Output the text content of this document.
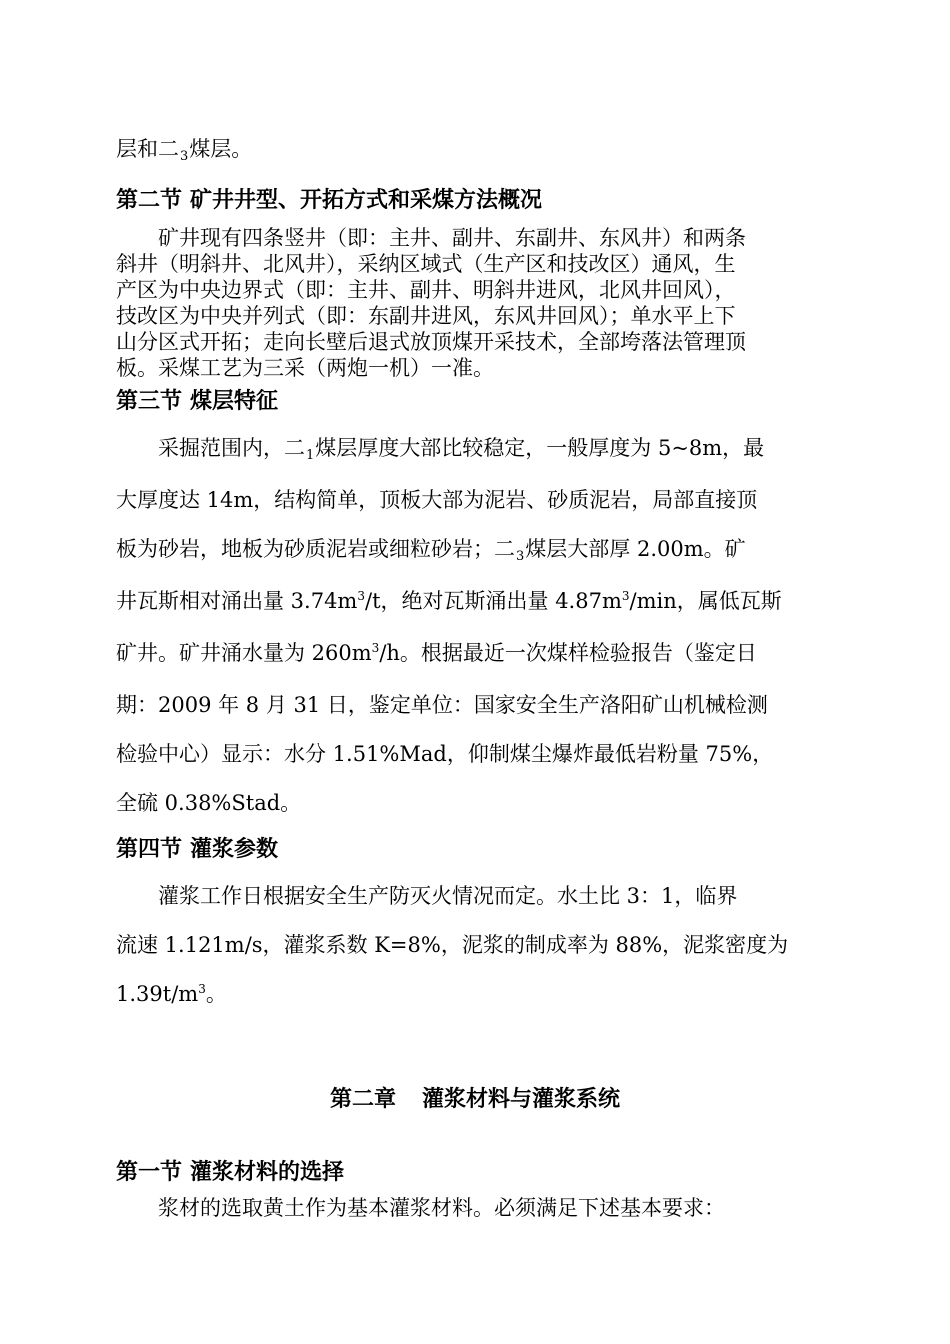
层和二3煤层。
第二节 矿井井型、开拓方式和采煤方法概况
矿井现有四条竖井（即：主井、副井、东副井、东风井）和两条
斜井（明斜井、北风井），采纳区域式（生产区和技改区）通风，生
产区为中央边界式（即：主井、副井、明斜井进风，北风井回风），
技改区为中央并列式（即：东副井进风，东风井回风）；单水平上下
山分区式开拓；走向长壁后退式放顶煤开采技术，全部垮落法管理顶
板。采煤工艺为三采（两炮一机）一准。
第三节 煤层特征
采掘范围内，二1煤层厚度大部比较稳定，一般厚度为 5~8m，最
大厚度达 14m，结构简单，顶板大部为泥岩、砂质泥岩，局部直接顶
板为砂岩，地板为砂质泥岩或细粒砂岩；二3煤层大部厚 2.00m。矿
井瓦斯相对涌出量 $3.74m^3/t$，绝对瓦斯涌出量 $4.87m^3/\min$，属低瓦斯
矿井。矿井涌水量为 $260m^3/h$。根据最近一次煤样检验报告（鉴定日
期：2009 年 8 月 31 日，鉴定单位：国家安全生产洛阳矿山机械检测
检验中心）显示：水分 1.51%Mad，仰制煤尘爆炸最低岩粉量 75%，
全硫 0.38%Stad。
第四节 灌浆参数
灌浆工作日根据安全生产防灭火情况而定。水土比 3：1，临界
流速 1.121m/s，灌浆系数 K=8%，泥浆的制成率为 88%，泥浆密度为
$1.39t/m^3$。
第二章 灌浆材料与灌浆系统
第一节 灌浆材料的选择
浆材的选取黄土作为基本灌浆材料。必须满足下述基本要求：
